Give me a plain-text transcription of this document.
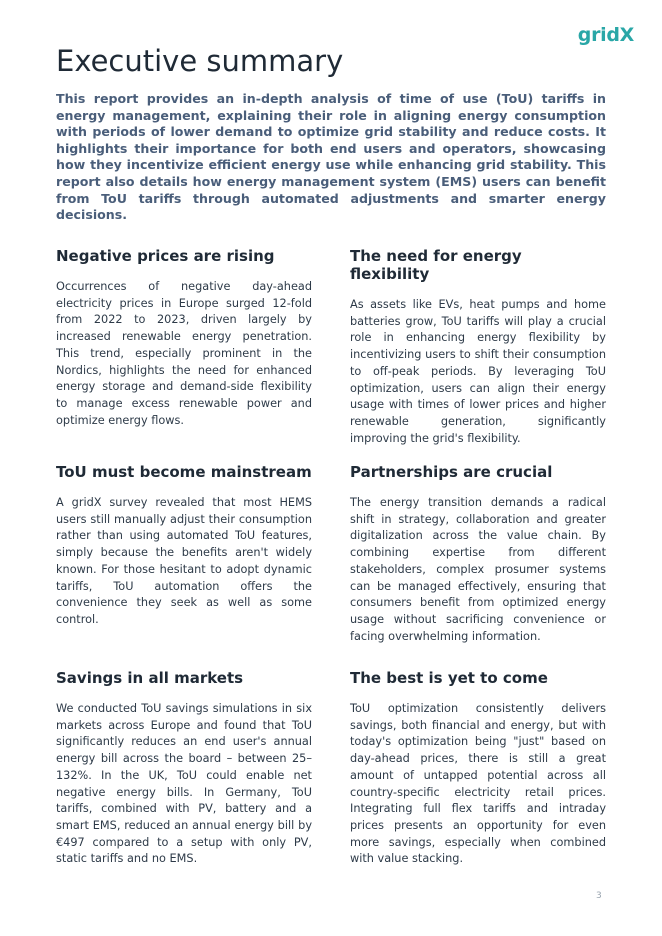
gridX
Executive summary

This report provides an in-depth analysis of time of use (ToU) tariffs in energy management, explaining their role in aligning energy consumption with periods of lower demand to optimize grid stability and reduce costs. It highlights their importance for both end users and operators, showcasing how they incentivize efficient energy use while enhancing grid stability. This report also details how energy management system (EMS) users can benefit from ToU tariffs through automated adjustments and smarter energy decisions.

Negative prices are rising

Occurrences of negative day-ahead electricity prices in Europe surged 12-fold from 2022 to 2023, driven largely by increased renewable energy penetration. This trend, especially prominent in the Nordics, highlights the need for enhanced energy storage and demand-side flexibility to manage excess renewable power and optimize energy flows.

The need for energy flexibility

As assets like EVs, heat pumps and home batteries grow, ToU tariffs will play a crucial role in enhancing energy flexibility by incentivizing users to shift their consumption to off-peak periods. By leveraging ToU optimization, users can align their energy usage with times of lower prices and higher renewable generation, significantly improving the grid's flexibility.

ToU must become mainstream

A gridX survey revealed that most HEMS users still manually adjust their consumption rather than using automated ToU features, simply because the benefits aren't widely known. For those hesitant to adopt dynamic tariffs, ToU automation offers the convenience they seek as well as some control.

Partnerships are crucial

The energy transition demands a radical shift in strategy, collaboration and greater digitalization across the value chain. By combining expertise from different stakeholders, complex prosumer systems can be managed effectively, ensuring that consumers benefit from optimized energy usage without sacrificing convenience or facing overwhelming information.

Savings in all markets

We conducted ToU savings simulations in six markets across Europe and found that ToU significantly reduces an end user's annual energy bill across the board – between 25–132%. In the UK, ToU could enable net negative energy bills. In Germany, ToU tariffs, combined with PV, battery and a smart EMS, reduced an annual energy bill by €497 compared to a setup with only PV, static tariffs and no EMS.

The best is yet to come

ToU optimization consistently delivers savings, both financial and energy, but with today's optimization being "just" based on day-ahead prices, there is still a great amount of untapped potential across all country-specific electricity retail prices. Integrating full flex tariffs and intraday prices presents an opportunity for even more savings, especially when combined with value stacking.

3
